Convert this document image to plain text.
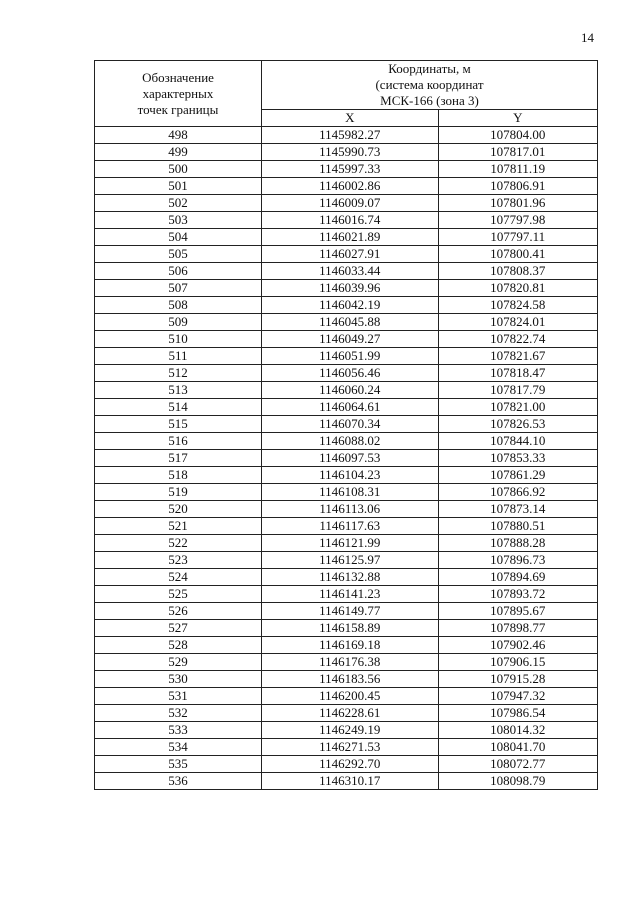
14
Обозначение
характерных
точек границы	Координаты, м
(система координат
МСК-166 (зона 3)	

	X	Y
498	1145982.27	107804.00
499	1145990.73	107817.01
500	1145997.33	107811.19
501	1146002.86	107806.91
502	1146009.07	107801.96
503	1146016.74	107797.98
504	1146021.89	107797.11
505	1146027.91	107800.41
506	1146033.44	107808.37
507	1146039.96	107820.81
508	1146042.19	107824.58
509	1146045.88	107824.01
510	1146049.27	107822.74
511	1146051.99	107821.67
512	1146056.46	107818.47
513	1146060.24	107817.79
514	1146064.61	107821.00
515	1146070.34	107826.53
516	1146088.02	107844.10
517	1146097.53	107853.33
518	1146104.23	107861.29
519	1146108.31	107866.92
520	1146113.06	107873.14
521	1146117.63	107880.51
522	1146121.99	107888.28
523	1146125.97	107896.73
524	1146132.88	107894.69
525	1146141.23	107893.72
526	1146149.77	107895.67
527	1146158.89	107898.77
528	1146169.18	107902.46
529	1146176.38	107906.15
530	1146183.56	107915.28
531	1146200.45	107947.32
532	1146228.61	107986.54
533	1146249.19	108014.32
534	1146271.53	108041.70
535	1146292.70	108072.77
536	1146310.17	108098.79
